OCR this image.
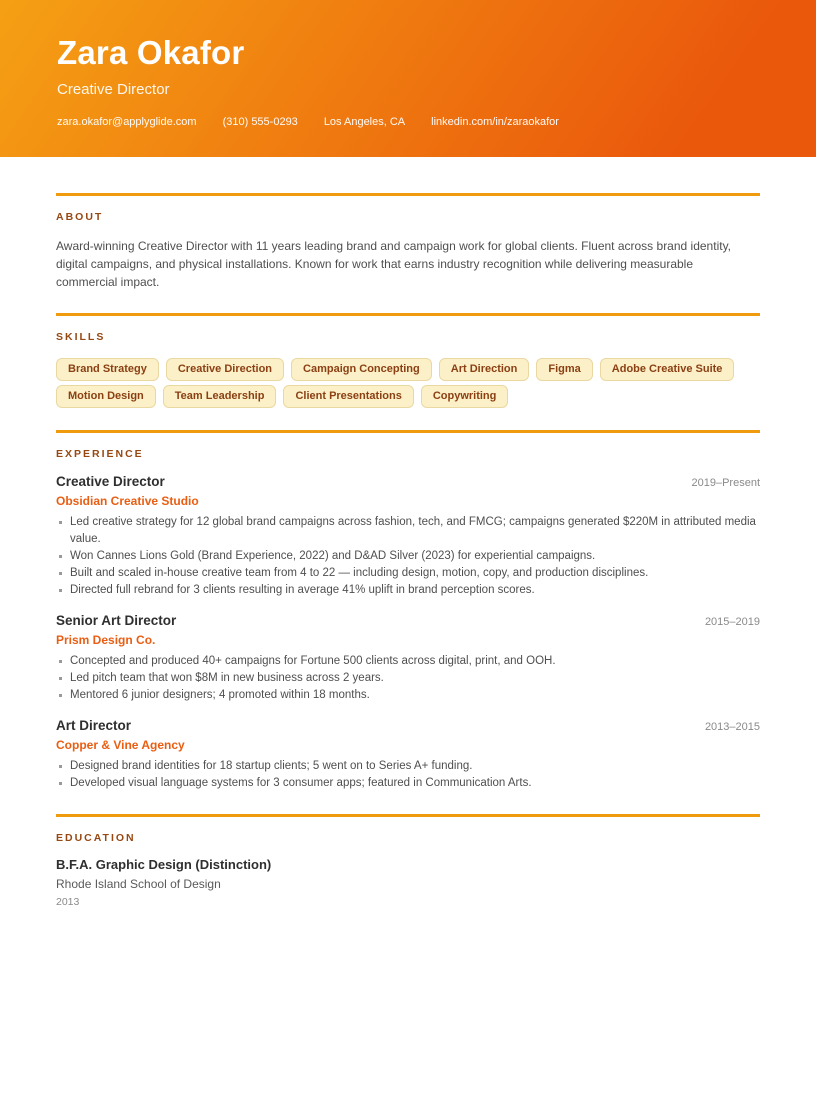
Zara Okafor
Creative Director
zara.okafor@applyglide.com (310) 555-0293 Los Angeles, CA linkedin.com/in/zaraokafor
ABOUT

Award-winning Creative Director with 11 years leading brand and campaign work for global clients. Fluent across brand identity, digital campaigns, and physical installations. Known for work that earns industry recognition while delivering measurable commercial impact.

SKILLS
Brand Strategy	Creative Direction	Campaign Concepting	Art Direction	Figma	Adobe Creative Suite
Motion Design	Team Leadership	Client Presentations	Copywriting
EXPERIENCE
Creative Director	2019–Present
Obsidian Creative Studio
Led creative strategy for 12 global brand campaigns across fashion, tech, and FMCG; campaigns generated $220M in attributed media value.
Won Cannes Lions Gold (Brand Experience, 2022) and D&AD Silver (2023) for experiential campaigns.
Built and scaled in-house creative team from 4 to 22 — including design, motion, copy, and production disciplines.
Directed full rebrand for 3 clients resulting in average 41% uplift in brand perception scores.
Senior Art Director	2015–2019
Prism Design Co.
Concepted and produced 40+ campaigns for Fortune 500 clients across digital, print, and OOH.
Led pitch team that won $8M in new business across 2 years.
Mentored 6 junior designers; 4 promoted within 18 months.
Art Director	2013–2015
Copper & Vine Agency
Designed brand identities for 18 startup clients; 5 went on to Series A+ funding.
Developed visual language systems for 3 consumer apps; featured in Communication Arts.
EDUCATION
B.F.A. Graphic Design (Distinction)
Rhode Island School of Design
2013
